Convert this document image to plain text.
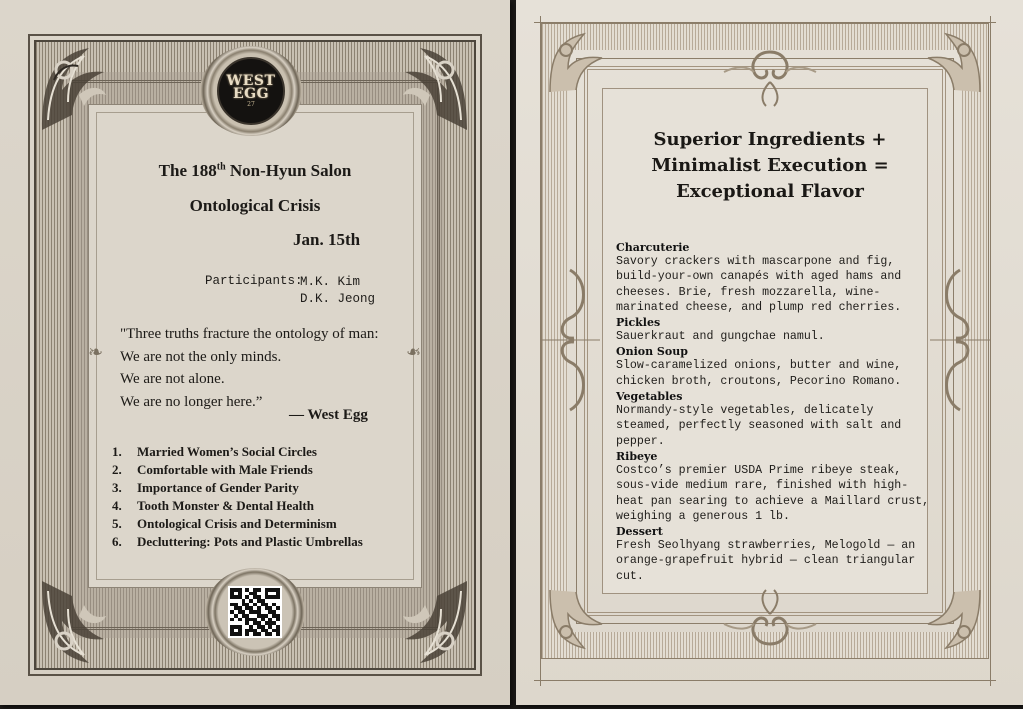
❧	❧
WEST
EGG
27
The 188th Non-Hyun Salon
Ontological Crisis
Jan. 15th
Participants:
M.K. Kim
D.K. Jeong
"Three truths fracture the ontology of man:
We are not the only minds.
We are not alone.
We are no longer here.”
— West Egg
1.	Married Women’s Social Circles
2.	Comfortable with Male Friends
3.	Importance of Gender Parity
4.	Tooth Monster & Dental Health
5.	Ontological Crisis and Determinism
6.	Decluttering: Pots and Plastic Umbrellas
Superior Ingredients +
Minimalist Execution =
Exceptional Flavor
Charcuterie
Savory crackers with mascarpone and fig, build-your-own canapés with aged hams and cheeses. Brie, fresh mozzarella, wine-marinated cheese, and plump red cherries.
Pickles
Sauerkraut and gungchae namul.
Onion Soup
Slow-caramelized onions, butter and wine, chicken broth, croutons, Pecorino Romano.
Vegetables
Normandy-style vegetables, delicately steamed, perfectly seasoned with salt and pepper.
Ribeye
Costco’s premier USDA Prime ribeye steak, sous-vide medium rare, finished with high-heat pan searing to achieve a Maillard crust, weighing a generous 1 lb.
Dessert
Fresh Seolhyang strawberries, Melogold — an orange-grapefruit hybrid — clean triangular cut.
